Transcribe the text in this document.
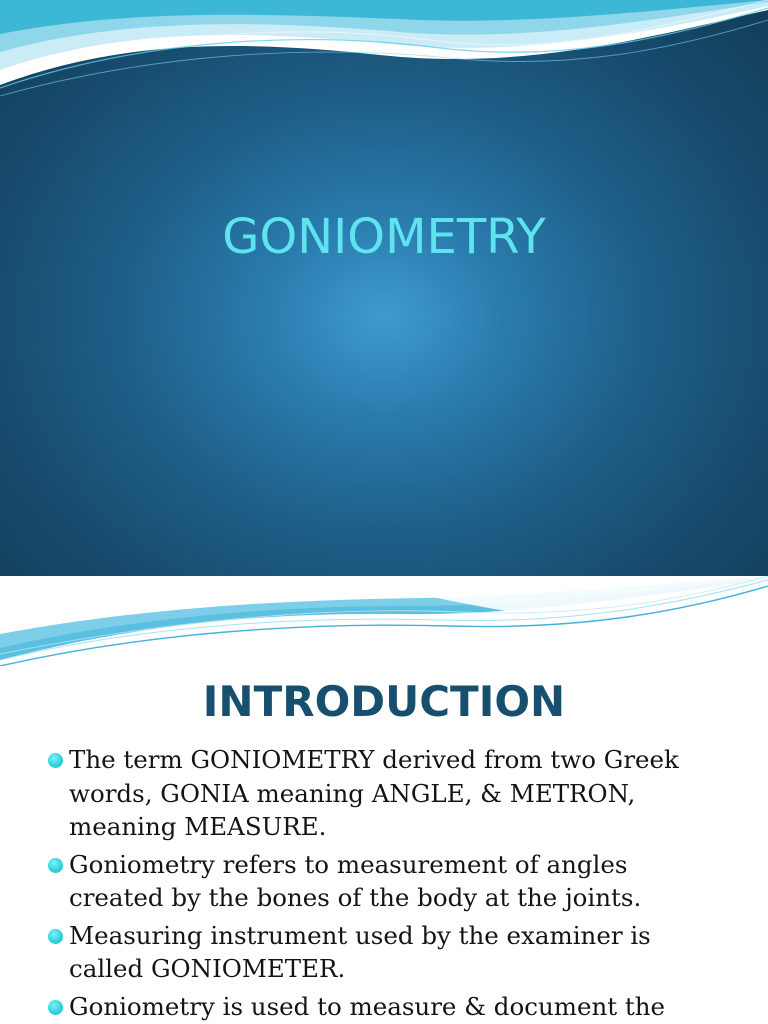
GONIOMETRY
INTRODUCTION
The term GONIOMETRY derived from two Greek words, GONIA meaning ANGLE, & METRON, meaning MEASURE.
Goniometry refers to measurement of angles created by the bones of the body at the joints.
Measuring instrument used by the examiner is called GONIOMETER.
Goniometry is used to measure & document the
